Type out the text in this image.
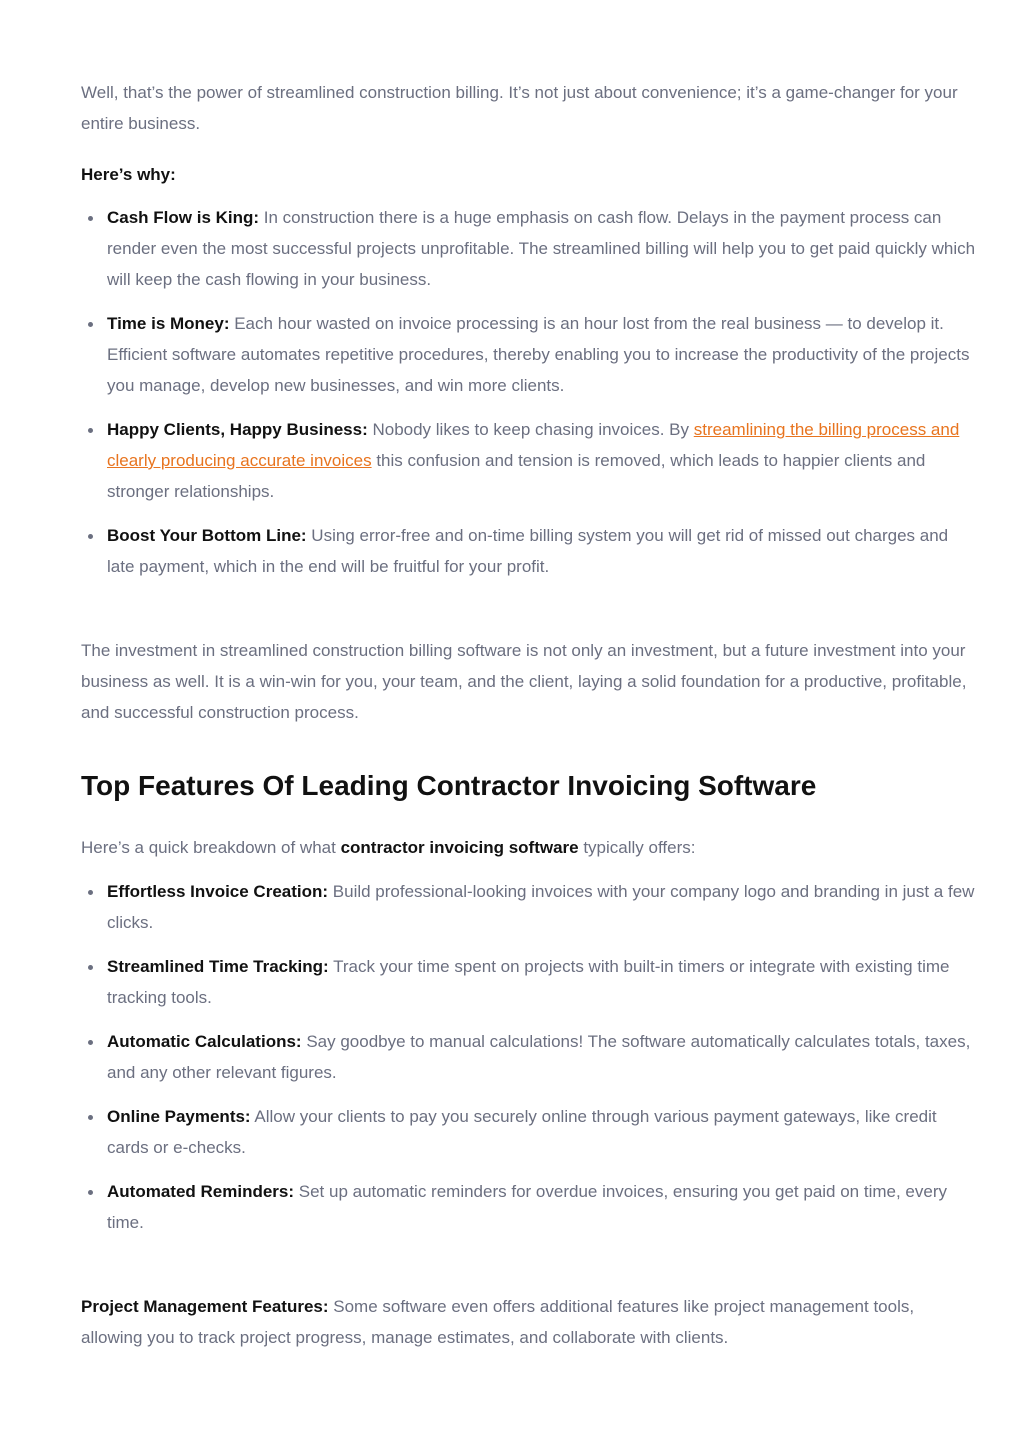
Well, that’s the power of streamlined construction billing. It’s not just about convenience; it’s a game-changer for your entire business.

Here’s why:

Cash Flow is King: In construction there is a huge emphasis on cash flow. Delays in the payment process can render even the most successful projects unprofitable. The streamlined billing will help you to get paid quickly which will keep the cash flowing in your business.
Time is Money: Each hour wasted on invoice processing is an hour lost from the real business — to develop it. Efficient software automates repetitive procedures, thereby enabling you to increase the productivity of the projects you manage, develop new businesses, and win more clients.
Happy Clients, Happy Business: Nobody likes to keep chasing invoices. By streamlining the billing process and clearly producing accurate invoices this confusion and tension is removed, which leads to happier clients and stronger relationships.
Boost Your Bottom Line: Using error-free and on-time billing system you will get rid of missed out charges and late payment, which in the end will be fruitful for your profit.

The investment in streamlined construction billing software is not only an investment, but a future investment into your business as well. It is a win-win for you, your team, and the client, laying a solid foundation for a productive, profitable, and successful construction process.

Top Features Of Leading Contractor Invoicing Software

Here’s a quick breakdown of what contractor invoicing software typically offers:

Effortless Invoice Creation: Build professional-looking invoices with your company logo and branding in just a few clicks.
Streamlined Time Tracking: Track your time spent on projects with built-in timers or integrate with existing time tracking tools.
Automatic Calculations: Say goodbye to manual calculations! The software automatically calculates totals, taxes, and any other relevant figures.
Online Payments: Allow your clients to pay you securely online through various payment gateways, like credit cards or e-checks.
Automated Reminders: Set up automatic reminders for overdue invoices, ensuring you get paid on time, every time.

Project Management Features: Some software even offers additional features like project management tools, allowing you to track project progress, manage estimates, and collaborate with clients.
